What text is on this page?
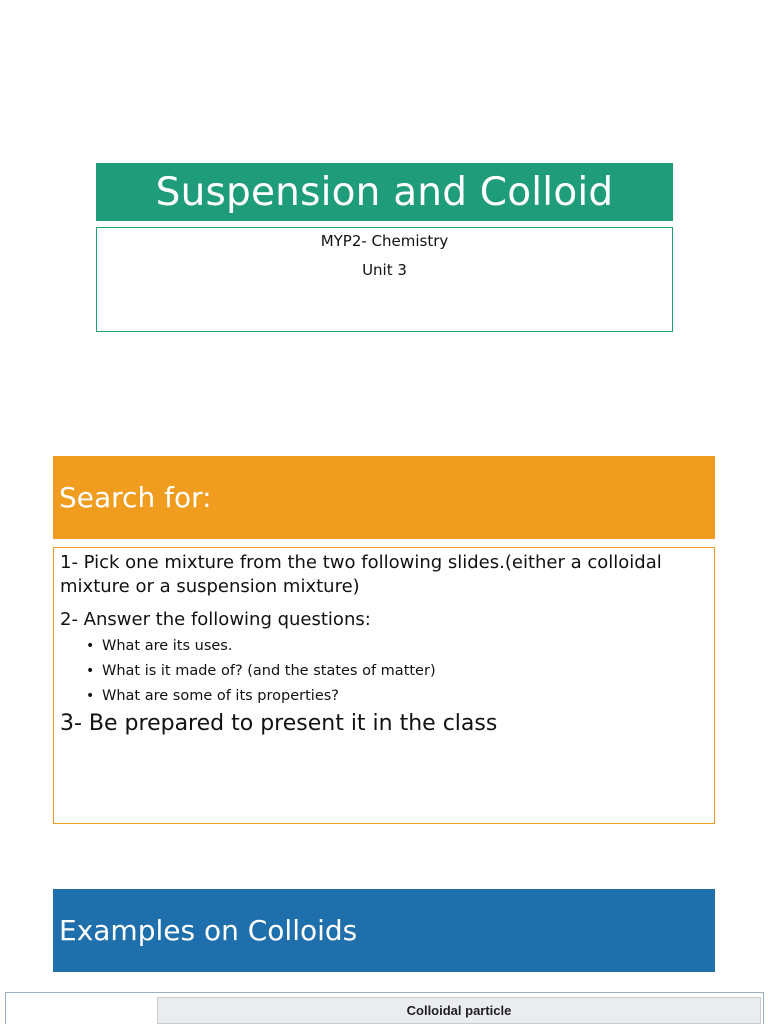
Suspension and Colloid
MYP2- Chemistry
Unit 3
Search for:
1- Pick one mixture from the two following slides.(either a colloidal
mixture or a suspension mixture)
2- Answer the following questions:
• What are its uses.
• What is it made of? (and the states of matter)
• What are some of its properties?
3- Be prepared to present it in the class
Examples on Colloids
Colloidal particle
